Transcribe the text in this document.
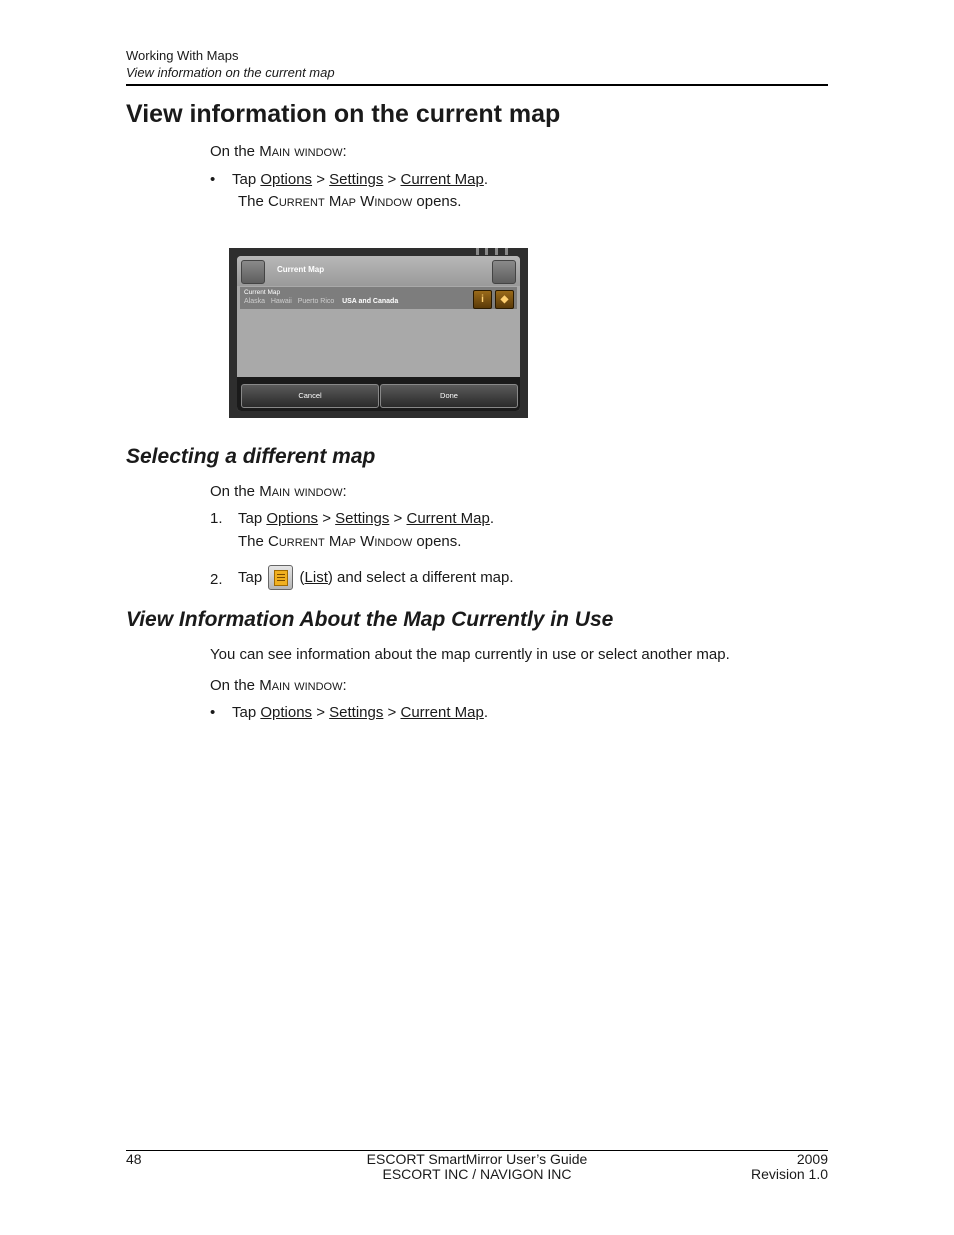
Working With Maps
View information on the current map
View information on the current map
On the Main window:
• Tap Options > Settings > Current Map.
The Current Map Window opens.
Current Map
Current Map
Alaska Hawaii Puerto Rico USA and Canada	i	◆
Cancel	Done
Selecting a different map
On the Main window:
1. Tap Options > Settings > Current Map.
The Current Map Window opens.
2. Tap (List) and select a different map.
View Information About the Map Currently in Use
You can see information about the map currently in use or select another map.
On the Main window:
• Tap Options > Settings > Current Map.
48	ESCORT SmartMirror User’s Guide
ESCORT INC / NAVIGON INC
2009
Revision 1.0
